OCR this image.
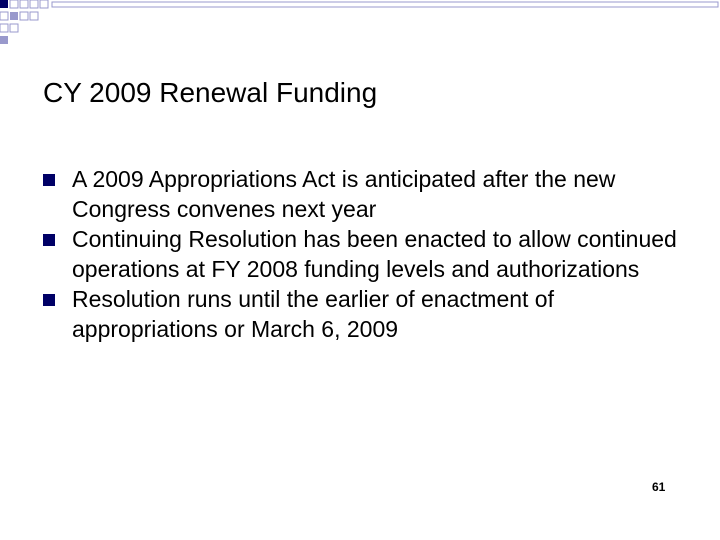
CY 2009 Renewal Funding
A 2009 Appropriations Act is anticipated after the new Congress convenes next year
Continuing Resolution has been enacted to allow continued operations at FY 2008 funding levels and authorizations
Resolution runs until the earlier of enactment of appropriations or March 6, 2009
61
